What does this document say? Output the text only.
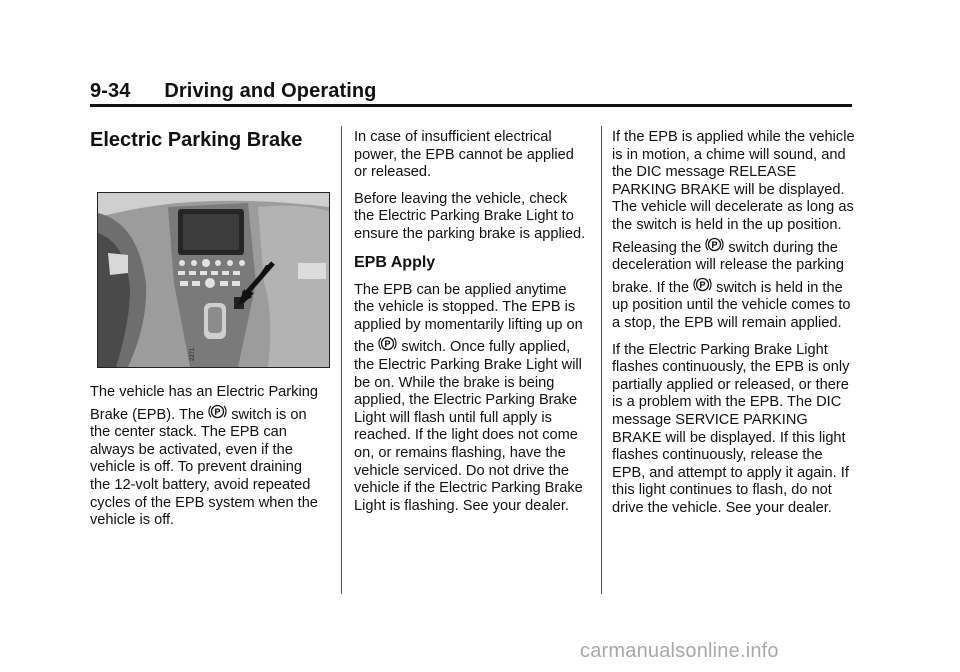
9-34      Driving and Operating
Electric Parking Brake
2271

The vehicle has an Electric Parking Brake (EPB). The P switch is on the center stack. The EPB can always be activated, even if the vehicle is off. To prevent draining the 12-volt battery, avoid repeated cycles of the EPB system when the vehicle is off.

In case of insufficient electrical power, the EPB cannot be applied or released.

Before leaving the vehicle, check the Electric Parking Brake Light to ensure the parking brake is applied.

EPB Apply

The EPB can be applied anytime the vehicle is stopped. The EPB is applied by momentarily lifting up on the P switch. Once fully applied, the Electric Parking Brake Light will be on. While the brake is being applied, the Electric Parking Brake Light will flash until full apply is reached. If the light does not come on, or remains flashing, have the vehicle serviced. Do not drive the vehicle if the Electric Parking Brake Light is flashing. See your dealer.

If the EPB is applied while the vehicle is in motion, a chime will sound, and the DIC message RELEASE PARKING BRAKE will be displayed. The vehicle will decelerate as long as the switch is held in the up position. Releasing the P switch during the deceleration will release the parking brake. If the P switch is held in the up position until the vehicle comes to a stop, the EPB will remain applied.

If the Electric Parking Brake Light flashes continuously, the EPB is only partially applied or released, or there is a problem with the EPB. The DIC message SERVICE PARKING BRAKE will be displayed. If this light flashes continuously, release the EPB, and attempt to apply it again. If this light continues to flash, do not drive the vehicle. See your dealer.

carmanualsonline.info
